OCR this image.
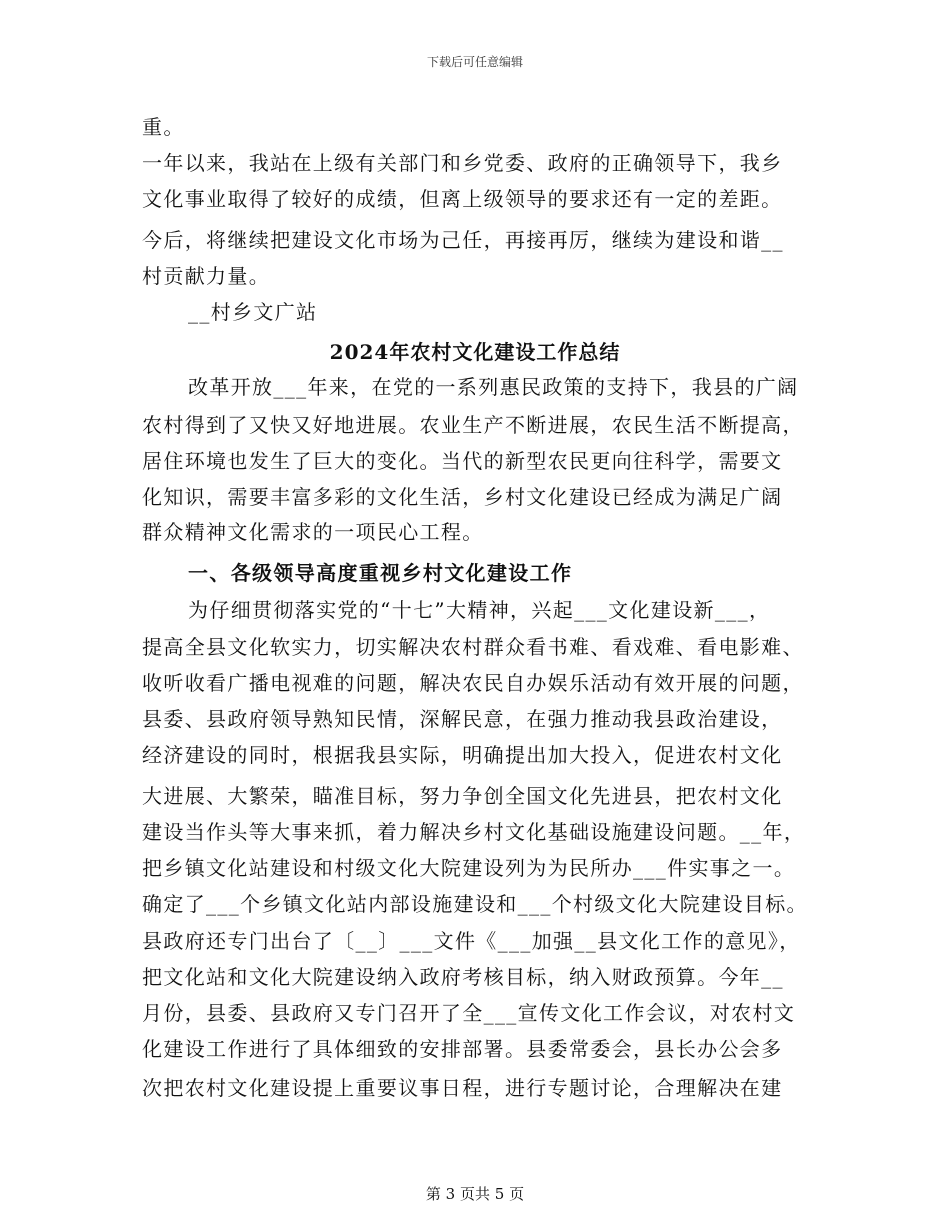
下载后可任意编辑
重。
一年以来，我站在上级有关部门和乡党委、政府的正确领导下，我乡
文化事业取得了较好的成绩，但离上级领导的要求还有一定的差距。
今后，将继续把建设文化市场为己任，再接再厉，继续为建设和谐__
村贡献力量。
__村乡文广站
2024年农村文化建设工作总结
改革开放___年来，在党的一系列惠民政策的支持下，我县的广阔
农村得到了又快又好地进展。农业生产不断进展，农民生活不断提高，
居住环境也发生了巨大的变化。当代的新型农民更向往科学，需要文
化知识，需要丰富多彩的文化生活，乡村文化建设已经成为满足广阔
群众精神文化需求的一项民心工程。
一、各级领导高度重视乡村文化建设工作
为仔细贯彻落实党的“十七”大精神，兴起___文化建设新___，
提高全县文化软实力，切实解决农村群众看书难、看戏难、看电影难、
收听收看广播电视难的问题，解决农民自办娱乐活动有效开展的问题，
县委、县政府领导熟知民情，深解民意，在强力推动我县政治建设，
经济建设的同时，根据我县实际，明确提出加大投入，促进农村文化
大进展、大繁荣，瞄准目标，努力争创全国文化先进县，把农村文化
建设当作头等大事来抓，着力解决乡村文化基础设施建设问题。__年，
把乡镇文化站建设和村级文化大院建设列为为民所办___件实事之一。
确定了___个乡镇文化站内部设施建设和___个村级文化大院建设目标。
县政府还专门出台了〔__〕___文件《___加强__县文化工作的意见》，
把文化站和文化大院建设纳入政府考核目标，纳入财政预算。今年__
月份，县委、县政府又专门召开了全___宣传文化工作会议，对农村文
化建设工作进行了具体细致的安排部署。县委常委会，县长办公会多
次把农村文化建设提上重要议事日程，进行专题讨论，合理解决在建
第 3 页共 5 页
